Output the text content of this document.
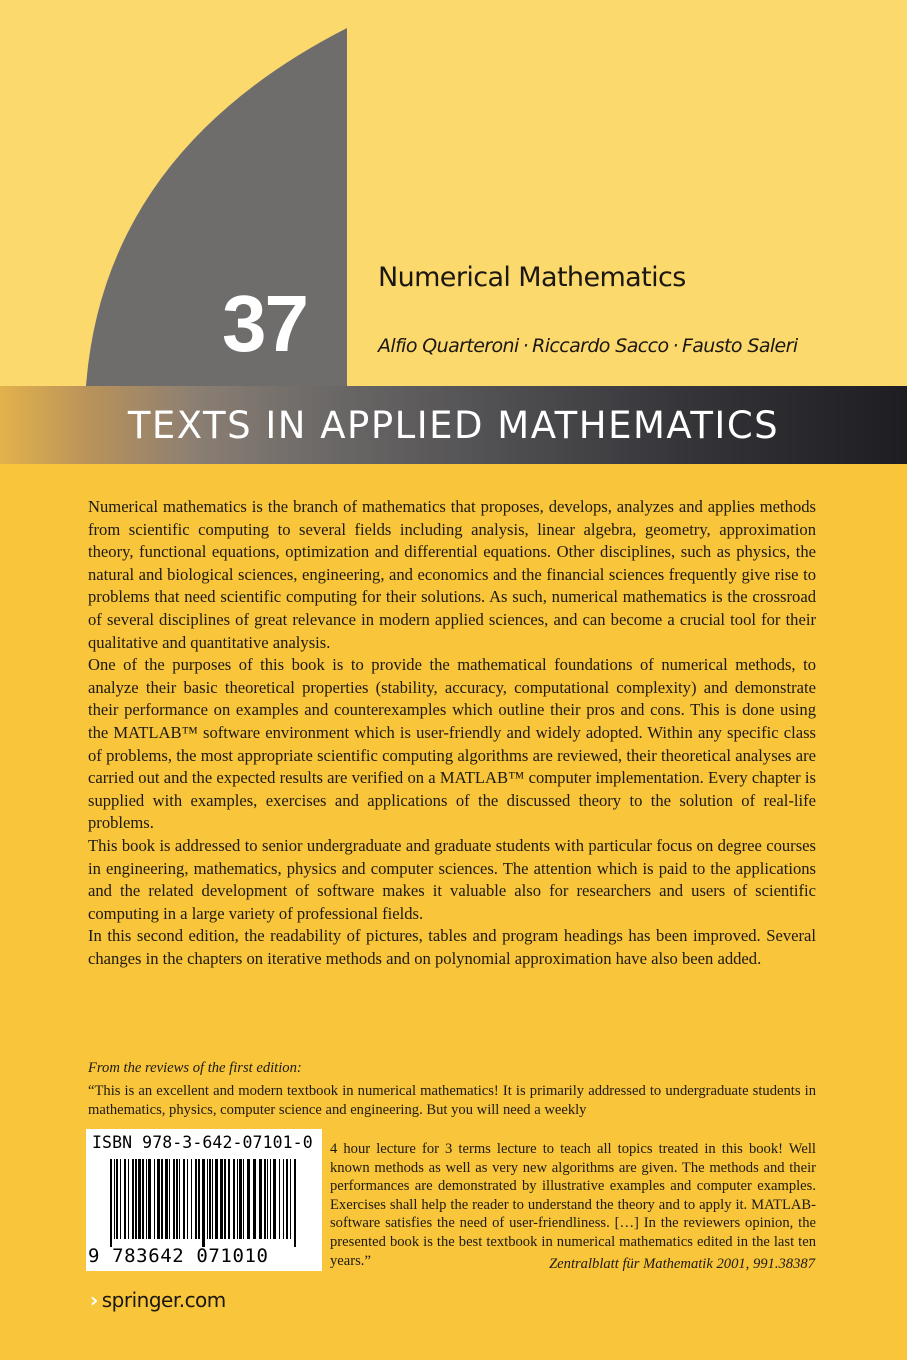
37
Numerical Mathematics
Alfio Quarteroni · Riccardo Sacco · Fausto Saleri
TEXTS IN APPLIED MATHEMATICS

Numerical mathematics is the branch of mathematics that proposes, develops, analyzes and applies methods from scientific computing to several fields including analysis, linear algebra, geometry, approximation theory, functional equations, optimization and differential equations. Other disciplines, such as physics, the natural and biological sciences, engineering, and economics and the financial sciences frequently give rise to problems that need scientific computing for their solutions. As such, numerical mathematics is the crossroad of several disciplines of great relevance in modern applied sciences, and can become a crucial tool for their qualitative and quantitative analysis.

One of the purposes of this book is to provide the mathematical foundations of numerical methods, to analyze their basic theoretical properties (stability, accuracy, computational complexity) and demonstrate their performance on examples and counterexamples which outline their pros and cons. This is done using the MATLAB™ software environment which is user-friendly and widely adopted. Within any specific class of problems, the most appropriate scientific computing algorithms are reviewed, their theoretical analyses are carried out and the expected results are verified on a MATLAB™ computer implementation. Every chapter is supplied with examples, exercises and applications of the discussed theory to the solution of real-life problems.

This book is addressed to senior undergraduate and graduate students with particular focus on degree courses in engineering, mathematics, physics and computer sciences. The attention which is paid to the applications and the related development of software makes it valuable also for researchers and users of scientific computing in a large variety of professional fields.

In this second edition, the readability of pictures, tables and program headings has been improved. Several changes in the chapters on iterative methods and on polynomial approximation have also been added.

From the reviews of the first edition:
“This is an excellent and modern textbook in numerical mathematics! It is primarily addressed to undergraduate students in mathematics, physics, computer science and engineering. But you will need a weekly
4 hour lecture for 3 terms lecture to teach all topics treated in this book! Well known methods as well as very new algorithms are given. The methods and their performances are demonstrated by illustrative examples and computer examples. Exercises shall help the reader to understand the theory and to apply it. MATLAB-software satisfies the need of user-friendliness. […] In the reviewers opinion, the presented book is the best textbook in numerical mathematics edited in the last ten years.”	Zentralblatt für Mathematik 2001, 991.38387
ISBN 978-3-642-07101-0
9 783642 071010
› springer.com
